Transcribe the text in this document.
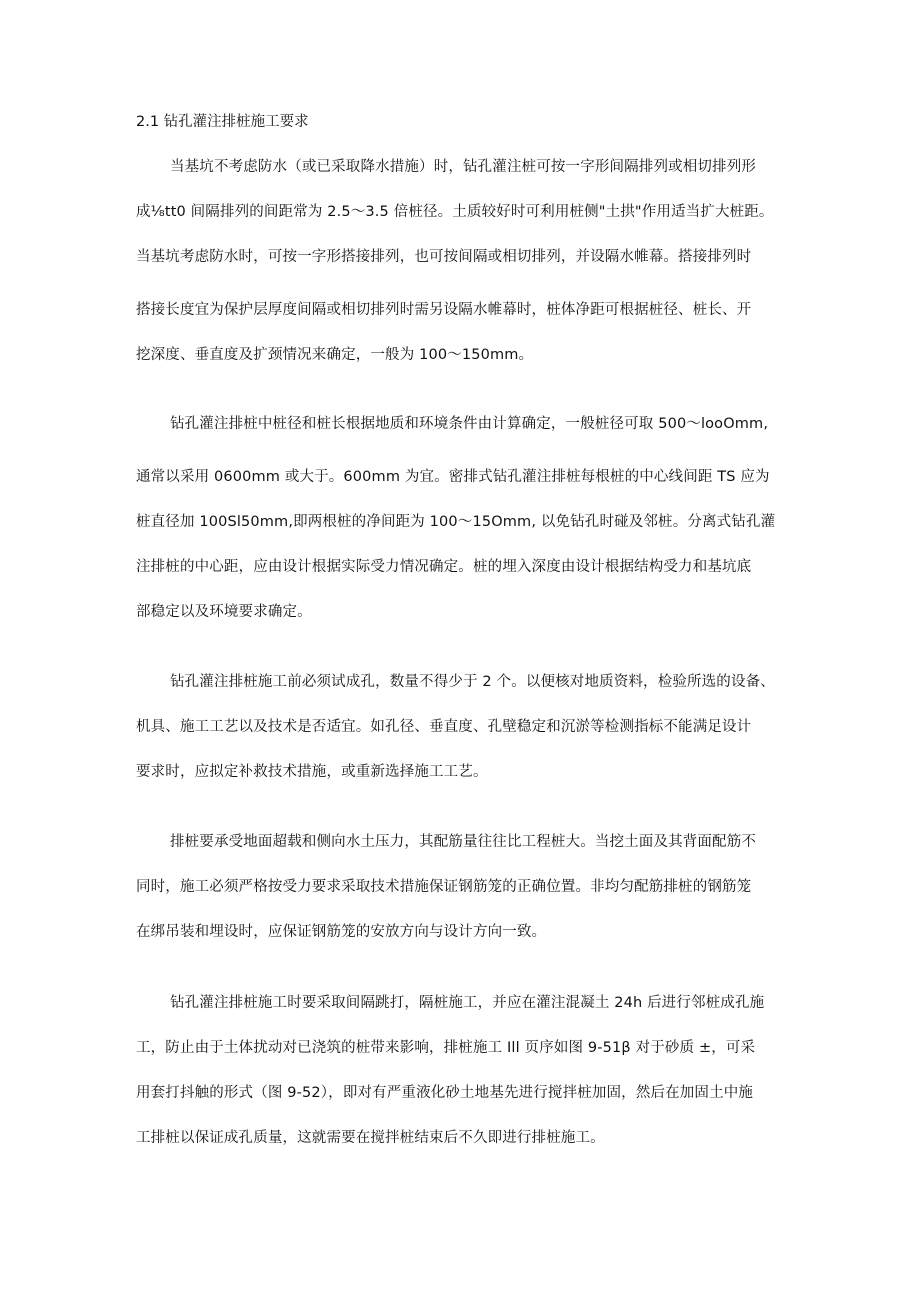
2.1 钻孔灌注排桩施工要求
当基坑不考虑防水（或已采取降水措施）时，钻孔灌注桩可按一字形间隔排列或相切排列形
成⅛tt0 间隔排列的间距常为 2.5～3.5 倍桩径。土质较好时可利用桩侧"土拱"作用适当扩大桩距。
当基坑考虑防水时，可按一字形搭接排列，也可按间隔或相切排列，并设隔水帷幕。搭接排列时
搭接长度宜为保护层厚度间隔或相切排列时需另设隔水帷幕时，桩体净距可根据桩径、桩长、开
挖深度、垂直度及扩颈情况来确定，一般为 100～150mm。
钻孔灌注排桩中桩径和桩长根据地质和环境条件由计算确定，一般桩径可取 500～looOmm,
通常以采用 0600mm 或大于。600mm 为宜。密排式钻孔灌注排桩每根桩的中心线间距 TS 应为
桩直径加 100Sl50mm,即两根桩的净间距为 100～15Omm, 以免钻孔时碰及邻桩。分离式钻孔灌
注排桩的中心距，应由设计根据实际受力情况确定。桩的埋入深度由设计根据结构受力和基坑底
部稳定以及环境要求确定。
钻孔灌注排桩施工前必须试成孔，数量不得少于 2 个。以便核对地质资料，检验所选的设备、
机具、施工工艺以及技术是否适宜。如孔径、垂直度、孔壁稳定和沉淤等检测指标不能满足设计
要求时，应拟定补救技术措施，或重新选择施工工艺。
排桩要承受地面超载和侧向水土压力，其配筋量往往比工程桩大。当挖土面及其背面配筋不
同时，施工必须严格按受力要求采取技术措施保证钢筋笼的正确位置。非均匀配筋排桩的钢筋笼
在绑吊装和埋设时，应保证钢筋笼的安放方向与设计方向一致。
钻孔灌注排桩施工时要采取间隔跳打，隔桩施工，并应在灌注混凝土 24h 后进行邻桩成孔施
工，防止由于土体扰动对已浇筑的桩带来影响，排桩施工 Ill 页序如图 9-51β 对于砂质 ±，可采
用套打抖触的形式（图 9-52），即对有严重液化砂土地基先进行搅拌桩加固，然后在加固土中施
工排桩以保证成孔质量，这就需要在搅拌桩结束后不久即进行排桩施工。
